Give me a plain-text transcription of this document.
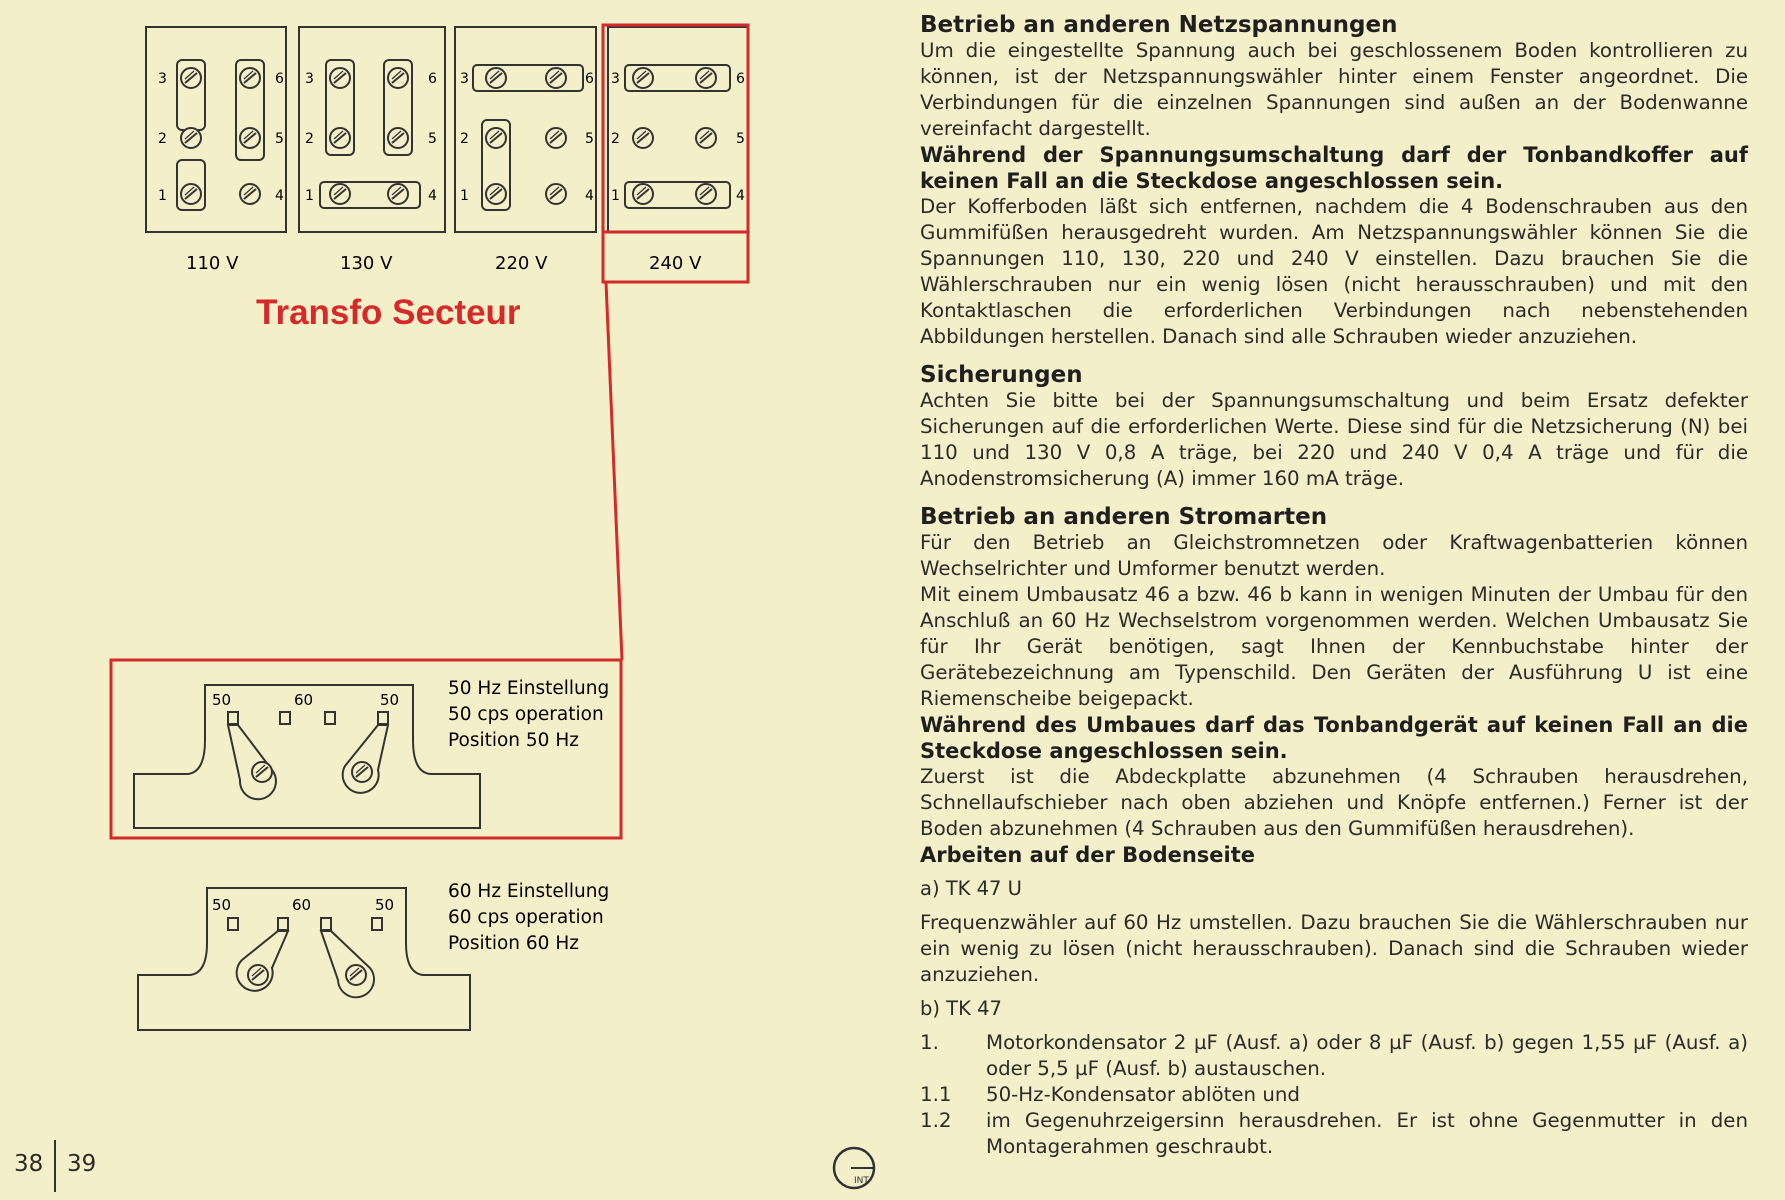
3
2
1
6
5
4
3
2
1
6
5
4
3
2
1
6
5
4
3
2
1
6
5
4
110 V	130 V	220 V	240 V
50	60	50
50 Hz Einstellung
50 cps operation
Position 50 Hz
50	60	50
60 Hz Einstellung
60 cps operation
Position 60 Hz
Transfo Secteur
38 39
INT
Betrieb an anderen Netzspannungen

Um die eingestellte Spannung auch bei geschlossenem Boden kontrollieren zu können, ist der Netzspannungswähler hinter einem Fenster angeordnet. Die Verbindungen für die einzelnen Spannungen sind außen an der Bodenwanne vereinfacht dargestellt.

Während der Spannungsumschaltung darf der Tonbandkoffer auf keinen Fall an die Steckdose angeschlossen sein.

Der Kofferboden läßt sich entfernen, nachdem die 4 Bodenschrauben aus den Gummifüßen herausgedreht wurden. Am Netzspannungswähler können Sie die Spannungen 110, 130, 220 und 240 V einstellen. Dazu brauchen Sie die Wählerschrauben nur ein wenig lösen (nicht herausschrauben) und mit den Kontaktlaschen die erforderlichen Verbindungen nach nebenstehenden Abbildungen herstellen. Danach sind alle Schrauben wieder anzuziehen.

Sicherungen

Achten Sie bitte bei der Spannungsumschaltung und beim Ersatz defekter Sicherungen auf die erforderlichen Werte. Diese sind für die Netzsicherung (N) bei 110 und 130 V 0,8 A träge, bei 220 und 240 V 0,4 A träge und für die Anodenstromsicherung (A) immer 160 mA träge.

Betrieb an anderen Stromarten

Für den Betrieb an Gleichstromnetzen oder Kraftwagenbatterien können Wechselrichter und Umformer benutzt werden.

Mit einem Umbausatz 46 a bzw. 46 b kann in wenigen Minuten der Umbau für den Anschluß an 60 Hz Wechselstrom vorgenommen werden. Welchen Umbausatz Sie für Ihr Gerät benötigen, sagt Ihnen der Kennbuchstabe hinter der Gerätebezeichnung am Typenschild. Den Geräten der Ausführung U ist eine Riemenscheibe beigepackt.

Während des Umbaues darf das Tonbandgerät auf keinen Fall an die Steckdose angeschlossen sein.

Zuerst ist die Abdeckplatte abzunehmen (4 Schrauben herausdrehen, Schnellaufschieber nach oben abziehen und Knöpfe entfernen.) Ferner ist der Boden abzunehmen (4 Schrauben aus den Gummifüßen herausdrehen).

Arbeiten auf der Bodenseite

a) TK 47 U

Frequenzwähler auf 60 Hz umstellen. Dazu brauchen Sie die Wählerschrauben nur ein wenig zu lösen (nicht herausschrauben). Danach sind die Schrauben wieder anzuziehen.

b) TK 47

1.	Motorkondensator 2 µF (Ausf. a) oder 8 µF (Ausf. b) gegen 1,55 µF (Ausf. a) oder 5,5 µF (Ausf. b) austauschen.
1.1	50-Hz-Kondensator ablöten und
1.2	im Gegenuhrzeigersinn herausdrehen. Er ist ohne Gegenmutter in den Montagerahmen geschraubt.
